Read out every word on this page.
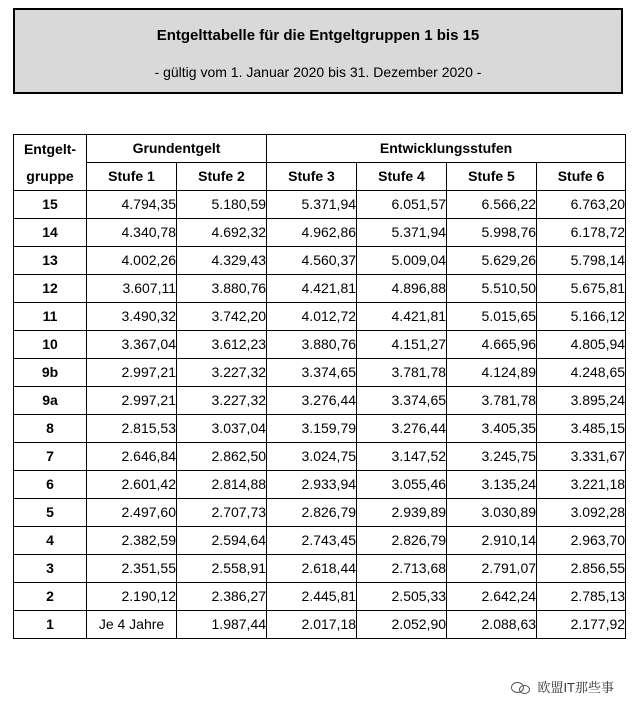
Entgelttabelle für die Entgeltgruppen 1 bis 15
- gültig vom 1. Januar 2020 bis 31. Dezember 2020 -
Entgelt-
gruppe	Grundentgelt		Entwicklungsstufen			
	Stufe 1	Stufe 2	Stufe 3	Stufe 4	Stufe 5	Stufe 6
15	4.794,35	5.180,59	5.371,94	6.051,57	6.566,22	6.763,20
14	4.340,78	4.692,32	4.962,86	5.371,94	5.998,76	6.178,72
13	4.002,26	4.329,43	4.560,37	5.009,04	5.629,26	5.798,14
12	3.607,11	3.880,76	4.421,81	4.896,88	5.510,50	5.675,81
11	3.490,32	3.742,20	4.012,72	4.421,81	5.015,65	5.166,12
10	3.367,04	3.612,23	3.880,76	4.151,27	4.665,96	4.805,94
9b	2.997,21	3.227,32	3.374,65	3.781,78	4.124,89	4.248,65
9a	2.997,21	3.227,32	3.276,44	3.374,65	3.781,78	3.895,24
8	2.815,53	3.037,04	3.159,79	3.276,44	3.405,35	3.485,15
7	2.646,84	2.862,50	3.024,75	3.147,52	3.245,75	3.331,67
6	2.601,42	2.814,88	2.933,94	3.055,46	3.135,24	3.221,18
5	2.497,60	2.707,73	2.826,79	2.939,89	3.030,89	3.092,28
4	2.382,59	2.594,64	2.743,45	2.826,79	2.910,14	2.963,70
3	2.351,55	2.558,91	2.618,44	2.713,68	2.791,07	2.856,55
2	2.190,12	2.386,27	2.445,81	2.505,33	2.642,24	2.785,13
1	Je 4 Jahre	1.987,44	2.017,18	2.052,90	2.088,63	2.177,92
欧盟IT那些事
